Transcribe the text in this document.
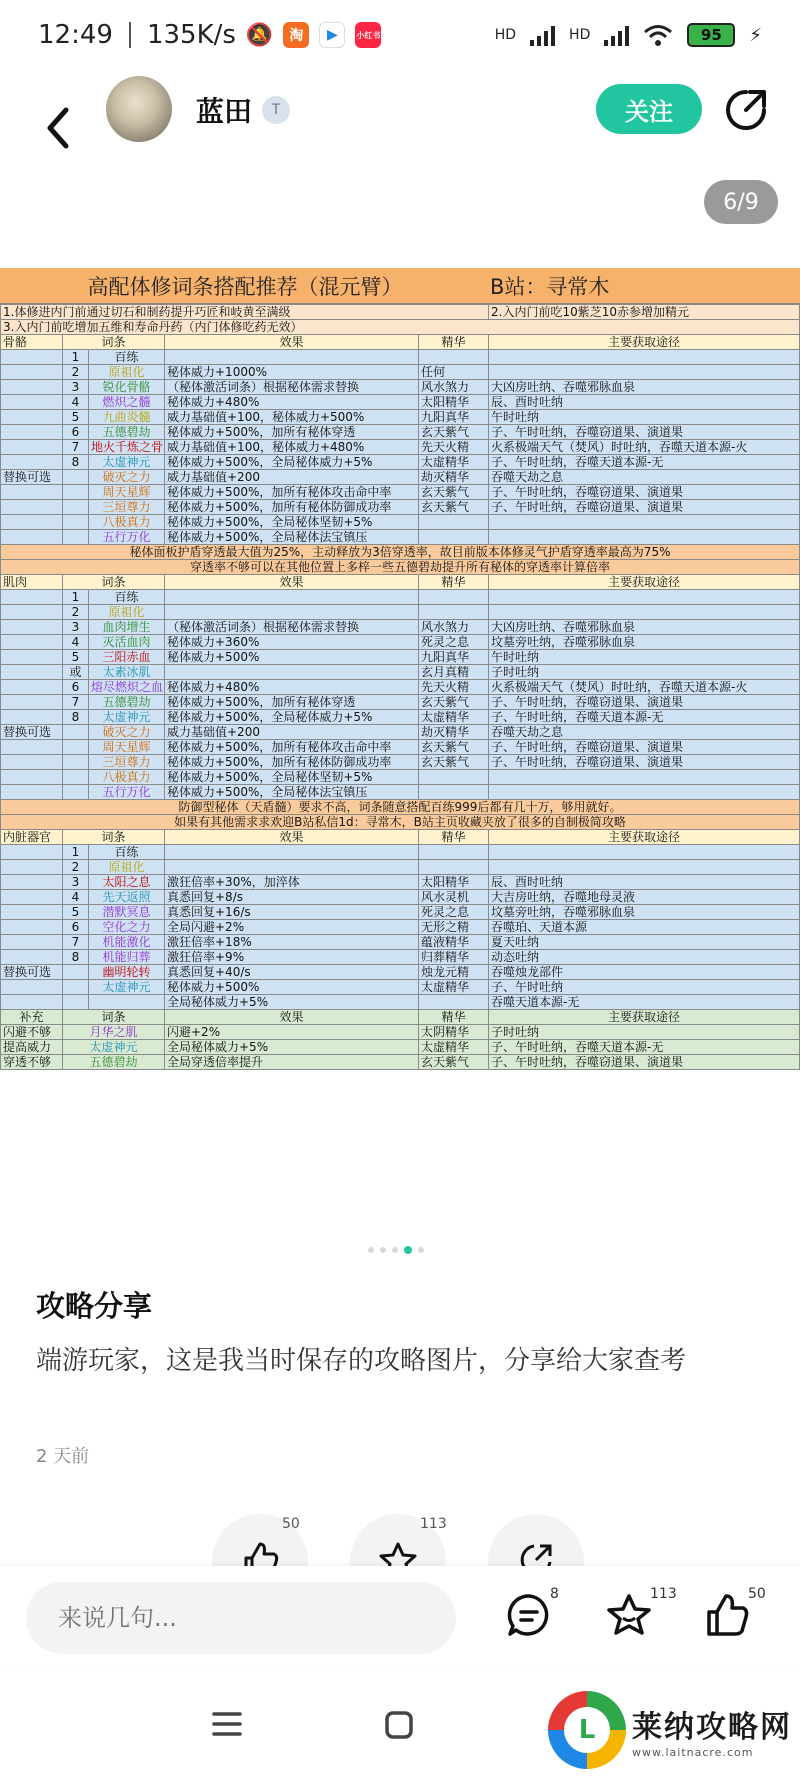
12:49 135K/s 🔕	淘	▶	小红书	HD	HD	95	⚡
蓝田	T	关注
6/9
高配体修词条搭配推荐（混元臂）	B站：寻常木
1.体修进内门前通过切石和制药提升巧匠和岐黄至满级					2.入内门前吃10紫芝10赤参增加精元
3.入内门前吃增加五维和寿命丹药（内门体修吃药无效）					
骨骼	词条		效果	精华	主要获取途径
	1	百练			
	2	原祖化	秘体威力+1000%	任何	
	3	锐化骨骼	（秘体激活词条）根据秘体需求替换	风水煞力	大凶房吐纳、吞噬邪脉血泉
	4	燃炽之髓	秘体威力+480%	太阳精华	辰、酉时吐纳
	5	九曲炎髓	威力基础值+100，秘体威力+500%	九阳真华	午时吐纳
	6	五德碧劫	秘体威力+500%，加所有秘体穿透	玄天紫气	子、午时吐纳，吞噬窃道果、演道果
	7	地火千炼之骨	威力基础值+100，秘体威力+480%	先天火精	火系极端天气（焚风）时吐纳，吞噬天道本源-火
	8	太虚神元	秘体威力+500%，全局秘体威力+5%	太虚精华	子、午时吐纳，吞噬天道本源-无
替换可选		破灭之力	威力基础值+200	劫灭精华	吞噬天劫之息
		周天星辉	秘体威力+500%，加所有秘体攻击命中率	玄天紫气	子、午时吐纳，吞噬窃道果、演道果
		三垣尊力	秘体威力+500%，加所有秘体防御成功率	玄天紫气	子、午时吐纳，吞噬窃道果、演道果
		八极真力	秘体威力+500%，全局秘体坚韧+5%		
		五行万化	秘体威力+500%，全局秘体法宝镇压		
秘体面板护盾穿透最大值为25%，主动释放为3倍穿透率，故目前版本体修灵气护盾穿透率最高为75%					
穿透率不够可以在其他位置上多梓一些五德碧劫提升所有秘体的穿透率计算倍率					
肌肉	词条		效果	精华	主要获取途径
	1	百练			
	2	原祖化			
	3	血肉增生	（秘体激活词条）根据秘体需求替换	风水煞力	大凶房吐纳、吞噬邪脉血泉
	4	灭活血肉	秘体威力+360%	死灵之息	坟墓旁吐纳，吞噬邪脉血泉
	5	三阳赤血	秘体威力+500%	九阳真华	午时吐纳
	或	太素冰肌		玄月真精	子时吐纳
	6	熔尽燃炽之血	秘体威力+480%	先天火精	火系极端天气（焚风）时吐纳，吞噬天道本源-火
	7	五德碧劫	秘体威力+500%，加所有秘体穿透	玄天紫气	子、午时吐纳，吞噬窃道果、演道果
	8	太虚神元	秘体威力+500%，全局秘体威力+5%	太虚精华	子、午时吐纳，吞噬天道本源-无
替换可选		破灭之力	威力基础值+200	劫灭精华	吞噬天劫之息
		周天星辉	秘体威力+500%，加所有秘体攻击命中率	玄天紫气	子、午时吐纳，吞噬窃道果、演道果
		三垣尊力	秘体威力+500%，加所有秘体防御成功率	玄天紫气	子、午时吐纳，吞噬窃道果、演道果
		八极真力	秘体威力+500%，全局秘体坚韧+5%		
		五行万化	秘体威力+500%，全局秘体法宝镇压		
防御型秘体（天盾髓）要求不高，词条随意搭配百练999后都有几十万，够用就好。					
如果有其他需求求欢迎B站私信1d：寻常木，B站主页收藏夹放了很多的自制极简攻略					
内脏器官	词条		效果	精华	主要获取途径
	1	百练			
	2	原祖化			
	3	太阳之息	激狂倍率+30%，加淬体	太阳精华	辰、酉时吐纳
	4	先天返照	真悉回复+8/s	风水灵机	大吉房吐纳，吞噬地母灵液
	5	潜默冥息	真悉回复+16/s	死灵之息	坟墓旁吐纳，吞噬邪脉血泉
	6	空化之力	全局闪避+2%	无形之精	吞噬珀、天道本源
	7	机能激化	激狂倍率+18%	蕴液精华	夏天吐纳
	8	机能归葬	激狂倍率+9%	归葬精华	动态吐纳
替换可选		幽明轮转	真悉回复+40/s	烛龙元精	吞噬烛龙部件
		太虚神元	秘体威力+500%	太虚精华	子、午时吐纳
			全局秘体威力+5%		吞噬天道本源-无
补充	词条		效果	精华	主要获取途径
闪避不够	月华之肌		闪避+2%	太阴精华	子时吐纳
提高威力	太虚神元		全局秘体威力+5%	太虚精华	子、午时吐纳，吞噬天道本源-无
穿透不够	五德碧劫		全局穿透倍率提升	玄天紫气	子、午时吐纳，吞噬窃道果、演道果
攻略分享
端游玩家，这是我当时保存的攻略图片，分享给大家查考
2 天前
50	113
来说几句...
8	113	50
L	莱纳攻略网
www.laitnacre.com
